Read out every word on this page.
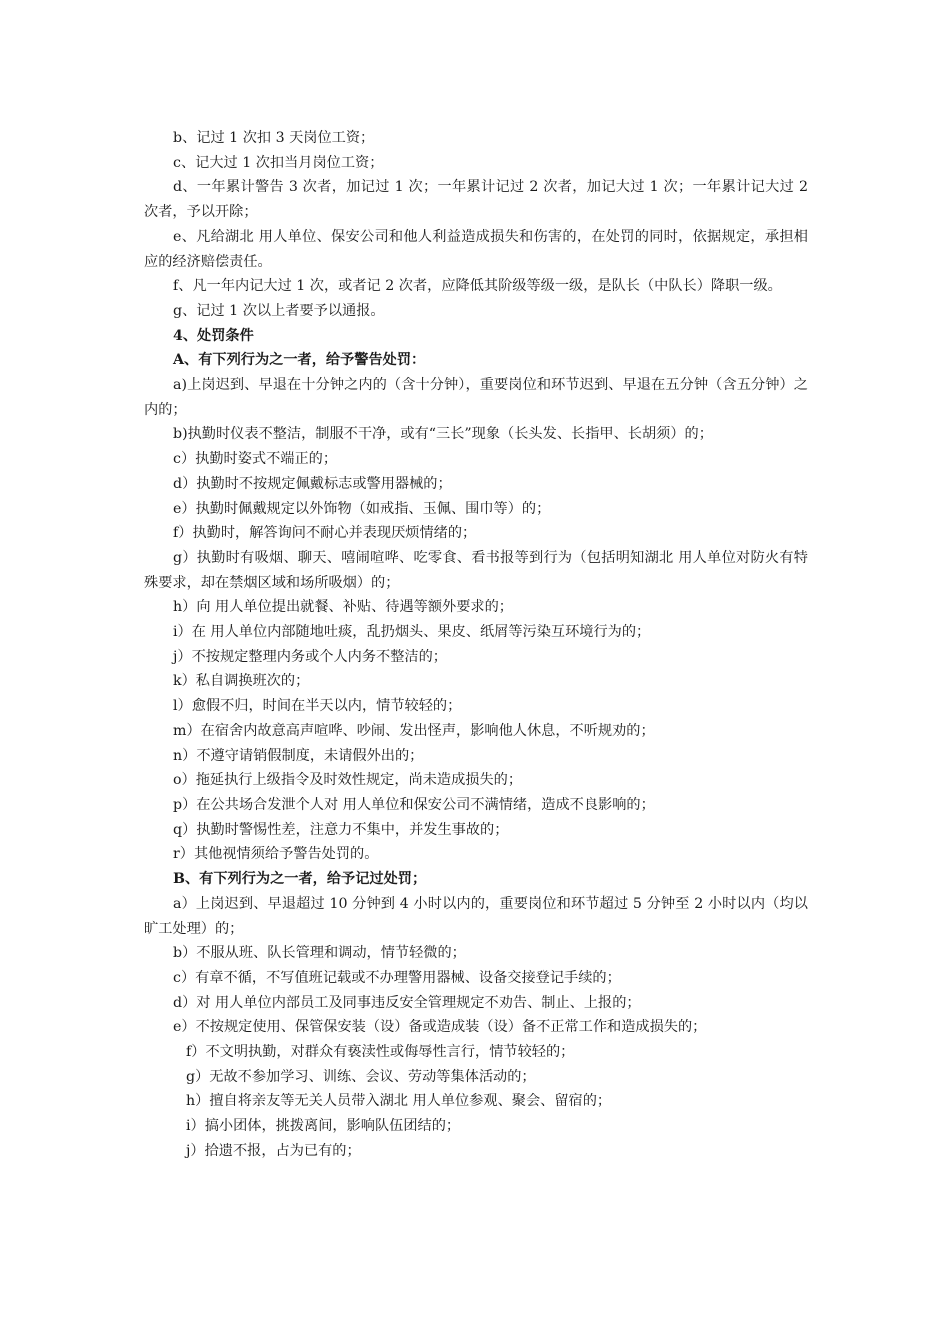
b、记过 1 次扣 3 天岗位工资；

c、记大过 1 次扣当月岗位工资；

d、一年累计警告 3 次者，加记过 1 次；一年累计记过 2 次者，加记大过 1 次；一年累计记大过 2 次者，予以开除；

e、凡给湖北 用人单位、保安公司和他人利益造成损失和伤害的，在处罚的同时，依据规定，承担相应的经济赔偿责任。

f、凡一年内记大过 1 次，或者记 2 次者，应降低其阶级等级一级，是队长（中队长）降职一级。

g、记过 1 次以上者要予以通报。

4、处罚条件

A、有下列行为之一者，给予警告处罚：

a)上岗迟到、早退在十分钟之内的（含十分钟），重要岗位和环节迟到、早退在五分钟（含五分钟）之内的；

b)执勤时仪表不整洁，制服不干净，或有“三长”现象（长头发、长指甲、长胡须）的；

c）执勤时姿式不端正的；

d）执勤时不按规定佩戴标志或警用器械的；

e）执勤时佩戴规定以外饰物（如戒指、玉佩、围巾等）的；

f）执勤时，解答询问不耐心并表现厌烦情绪的；

g）执勤时有吸烟、聊天、嘻闹喧哗、吃零食、看书报等到行为（包括明知湖北 用人单位对防火有特殊要求，却在禁烟区域和场所吸烟）的；

h）向 用人单位提出就餐、补贴、待遇等额外要求的；

i）在 用人单位内部随地吐痰，乱扔烟头、果皮、纸屑等污染互环境行为的；

j）不按规定整理内务或个人内务不整洁的；

k）私自调换班次的；

l）愈假不归，时间在半天以内，情节较轻的；

m）在宿舍内故意高声喧哗、吵闹、发出怪声，影响他人休息，不听规劝的；

n）不遵守请销假制度，未请假外出的；

o）拖延执行上级指令及时效性规定，尚未造成损失的；

p）在公共场合发泄个人对 用人单位和保安公司不满情绪，造成不良影响的；

q）执勤时警惕性差，注意力不集中，并发生事故的；

r）其他视情须给予警告处罚的。

B、有下列行为之一者，给予记过处罚；

a）上岗迟到、早退超过 10 分钟到 4 小时以内的，重要岗位和环节超过 5 分钟至 2 小时以内（均以旷工处理）的；

b）不服从班、队长管理和调动，情节轻微的；

c）有章不循，不写值班记载或不办理警用器械、设备交接登记手续的；

d）对 用人单位内部员工及同事违反安全管理规定不劝告、制止、上报的；

e）不按规定使用、保管保安装（设）备或造成装（设）备不正常工作和造成损失的；

f）不文明执勤，对群众有亵渎性或侮辱性言行，情节较轻的；

g）无故不参加学习、训练、会议、劳动等集体活动的；

h）擅自将亲友等无关人员带入湖北 用人单位参观、聚会、留宿的；

i）搞小团体，挑拨离间，影响队伍团结的；

j）拾遗不报，占为已有的；
